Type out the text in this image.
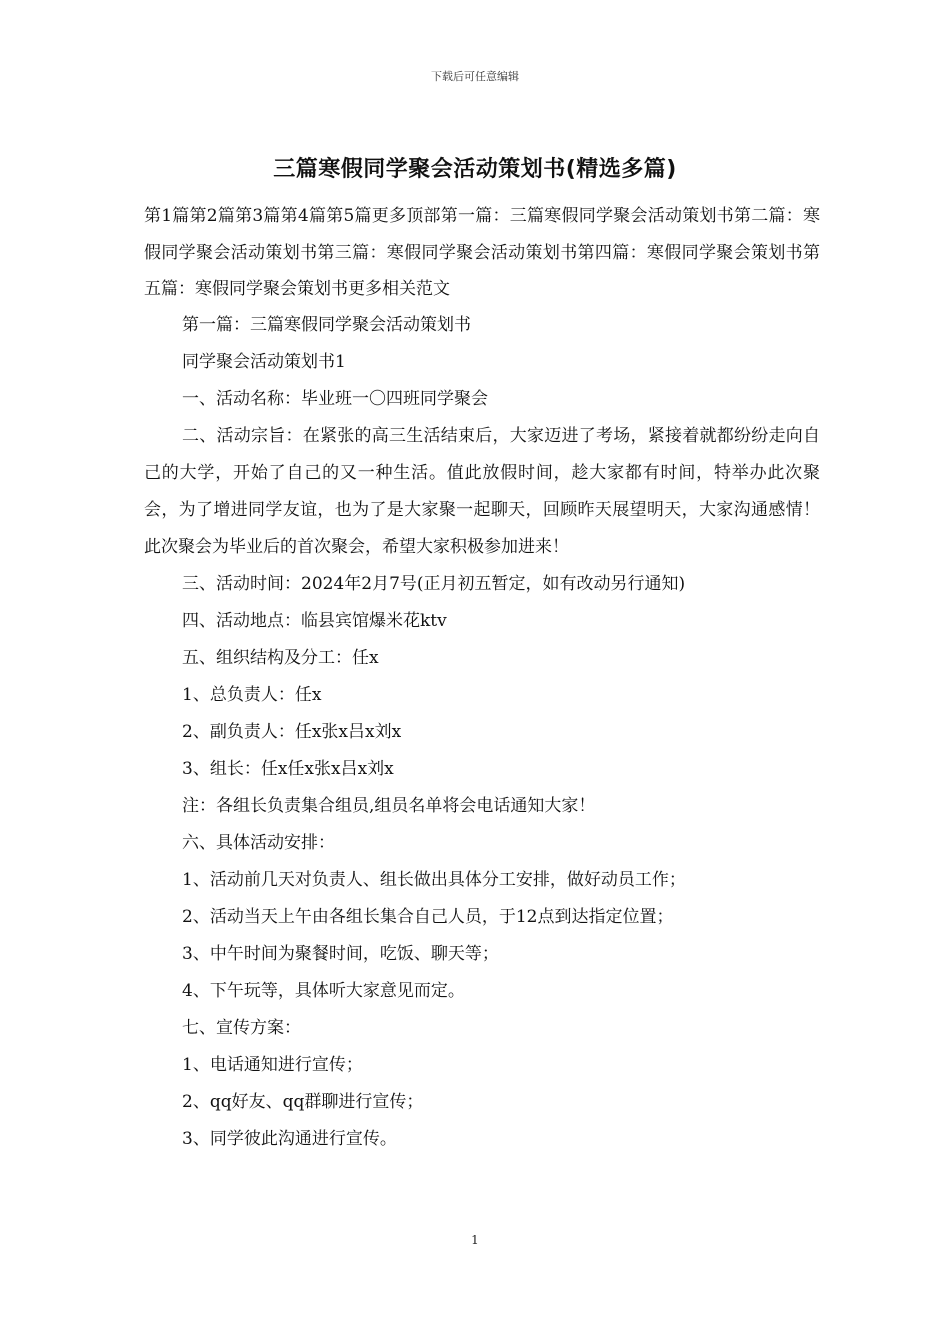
下载后可任意编辑
三篇寒假同学聚会活动策划书(精选多篇)
第1篇第2篇第3篇第4篇第5篇更多顶部第一篇：三篇寒假同学聚会活动策划书第二篇：寒假同学聚会活动策划书第三篇：寒假同学聚会活动策划书第四篇：寒假同学聚会策划书第五篇：寒假同学聚会策划书更多相关范文

第一篇：三篇寒假同学聚会活动策划书

同学聚会活动策划书1

一、活动名称：毕业班一〇四班同学聚会

二、活动宗旨：在紧张的高三生活结束后，大家迈进了考场，紧接着就都纷纷走向自己的大学，开始了自己的又一种生活。值此放假时间，趁大家都有时间，特举办此次聚会，为了增进同学友谊，也为了是大家聚一起聊天，回顾昨天展望明天，大家沟通感情！此次聚会为毕业后的首次聚会，希望大家积极参加进来！

三、活动时间：2024年2月7号(正月初五暂定，如有改动另行通知)

四、活动地点：临县宾馆爆米花ktv

五、组织结构及分工：任x

1、总负责人：任x

2、副负责人：任x张x吕x刘x

3、组长：任x任x张x吕x刘x

注：各组长负责集合组员,组员名单将会电话通知大家！

六、具体活动安排：

1、活动前几天对负责人、组长做出具体分工安排，做好动员工作；

2、活动当天上午由各组长集合自己人员，于12点到达指定位置；

3、中午时间为聚餐时间，吃饭、聊天等；

4、下午玩等，具体听大家意见而定。

七、宣传方案：

1、电话通知进行宣传；

2、qq好友、qq群聊进行宣传；

3、同学彼此沟通进行宣传。

1
